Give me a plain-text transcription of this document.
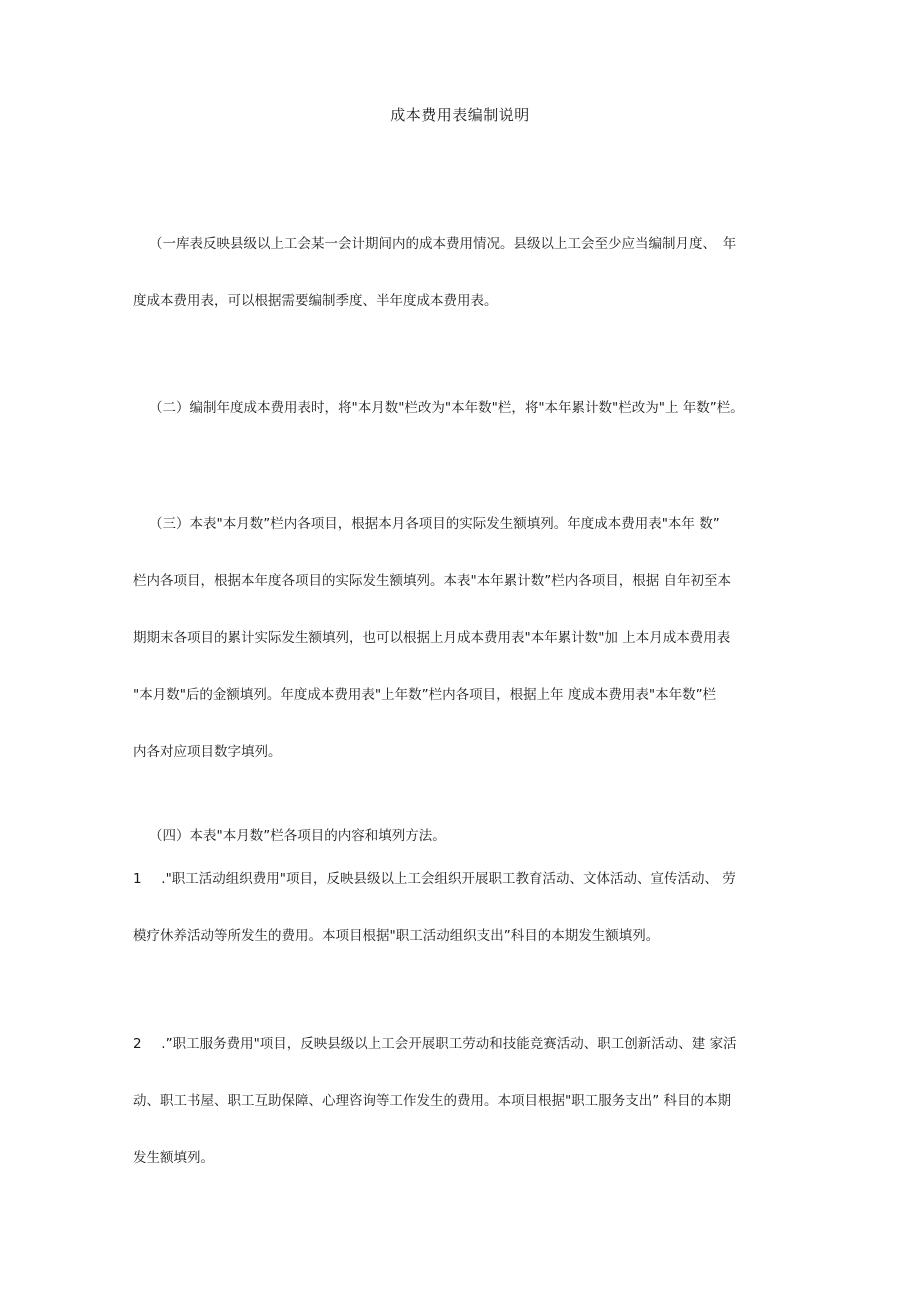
成本费用表编制说明
（一库表反映县级以上工会某一会计期间内的成本费用情况。县级以上工会至少应当编制月度、　年
度成本费用表，可以根据需要编制季度、半年度成本费用表。
（二）编制年度成本费用表时，将"本月数"栏改为"本年数"栏，将"本年累计数"栏改为"上 年数”栏。
（三）本表"本月数”栏内各项目，根据本月各项目的实际发生额填列。年度成本费用表"本年 数”
栏内各项目，根据本年度各项目的实际发生额填列。本表"本年累计数”栏内各项目，根据 自年初至本
期期末各项目的累计实际发生额填列，也可以根据上月成本费用表"本年累计数"加 上本月成本费用表
"本月数"后的金额填列。年度成本费用表"上年数”栏内各项目，根据上年 度成本费用表"本年数”栏
内各对应项目数字填列。
（四）本表"本月数”栏各项目的内容和填列方法。
1 ."职工活动组织费用"项目，反映县级以上工会组织开展职工教育活动、文体活动、宣传活动、 劳
模疗休养活动等所发生的费用。本项目根据"职工活动组织支出”科目的本期发生额填列。
2 .”职工服务费用"项目，反映县级以上工会开展职工劳动和技能竞赛活动、职工创新活动、建 家活
动、职工书屋、职工互助保障、心理咨询等工作发生的费用。本项目根据"职工服务支出” 科目的本期
发生额填列。
